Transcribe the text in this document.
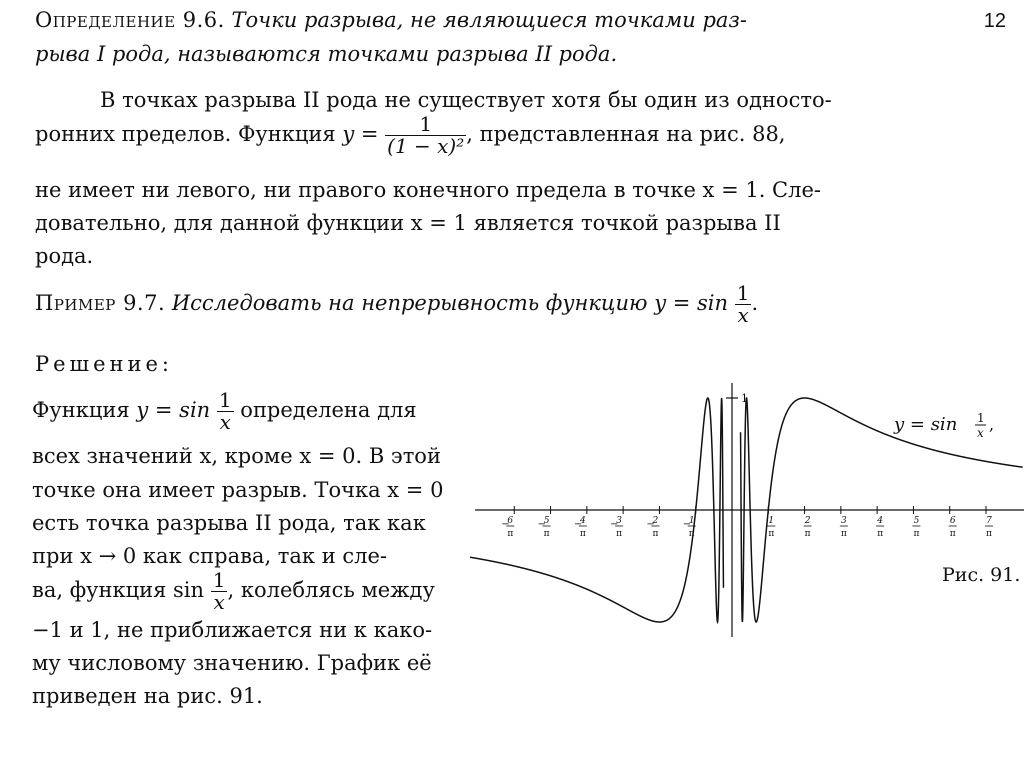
12
Определение 9.6. Точки разрыва, не являющиеся точками раз-
рыва I рода, называются точками разрыва II рода.
В точках разрыва II рода не существует хотя бы один из односто-
ронних пределов. Функция $y = \frac{1}{\text{(1 − x)²}}$ , представленная на рис. 88,
не имеет ни левого, ни правого конечного предела в точке x = 1. Сле-
довательно, для данной функции x = 1 является точкой разрыва II
рода.
Пример 9.7. Исследовать на непрерывность функцию $y = \sin \frac{1}{x}$ .
Решение:
Функция $y = \sin \frac{1}{x}$ определена для
всех значений x, кроме x = 0. В этой
точке она имеет разрыв. Точка x = 0
есть точка разрыва II рода, так как
при x → 0 как справа, так и сле-
ва, функция $\sin \frac{1}{x}$ , колеблясь между
−1 и 1, не приближается ни к како-
му числовому значению. График её
приведен на рис. 91.
−
6
π
−
5
π
−
4
π
−
3
π
−
2
π
−
1
π
1
π
2
π
3
π
4
π
5
π
6
π
7
π
1
y = sin 1
x ,
Рис. 91.
